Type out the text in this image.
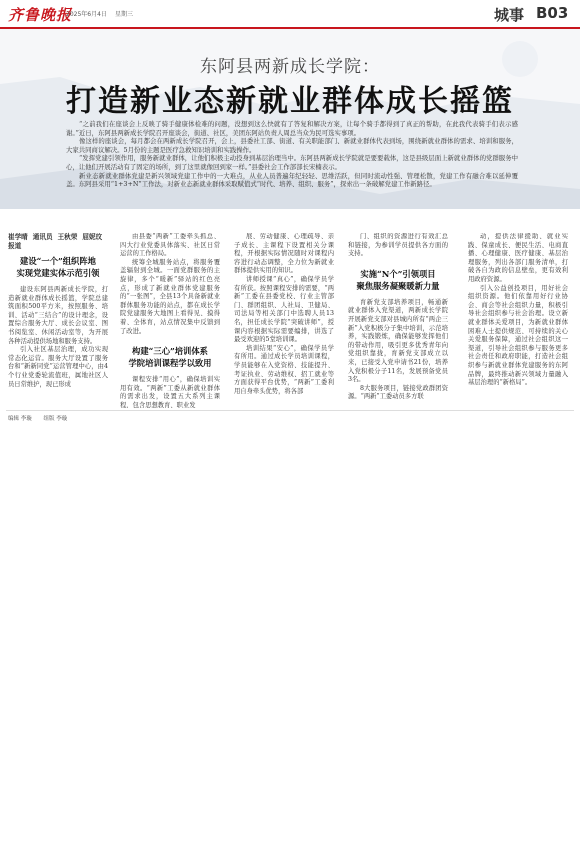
齐鲁晚报
2025年6月4日 星期三	城事 B03
东阿县两新成长学院：
打造新业态新就业群体成长摇篮

“之前我们在座谈会上反映了骑手健康体检难的问题，没想到这么快就有了答复和解决方案，让每个骑手都得到了真正的帮助，在此我代表骑手们表示感谢。”近日，东阿县两新成长学院召开座谈会，街道、社区，美团东阿站负责人周总当众为民可选实事项。

像这样的座谈会，每月都会在两新成长学院召开，会上，县委社工部、街道、有关职能部门、新就业群体代表到场，围绕新就业群体的需求、培训和服务，大家共同商议解决。5月份的主题是医疗急救知识培训和实践操作。

“发挥党建引领作用，服务新就业群体，让他们积极主动投身到基层治理当中。东阿县两新成长学院就是要要载体，这是县级层面上新就业群体的党群服务中心，让他们开展活动有了固定的场所，到了这里就像回到家一样。”县委社会工作部部长宋楠表示。

新业态新就业群体党建是新兴领域党建工作中的一大难点，从业人员普遍年纪轻轻、思维活跃，但同时流动性强、管理松散，党建工作有融合难以延伸覆盖。东阿县采用“1+3+N”工作法，对新业态新就业群体采取赋值式“时代、培养、组织、服务”，探索出一条破解党建工作新路径。

崔学晴 通讯员 王秋荣 屈妮玟报道
建设“一个”组织阵地
实现党建实体示范引领

建设东阿县两新成长学院，打造新就业群体成长摇篮，学院总建筑面积500平方米，按照服务、培训、活动“三结合”的设计理念，设置综合服务大厅、成长会议室、图书阅览室、休闲活动室等，为开展各种活动提供场地和服务支持。

引入社区基层治理，成功实现常态化运营。服务大厅设置了服务台和“新新同党”运营管理中心，由4个行业党委轮流值班，属地社区人员日常维护，现已形成

由县委“两新”工委牵头抓总、四大行业党委具体落实、社区日常运营的工作格局。

统筹全城服务站点，将服务覆盖辐射到全城。一面党群服务的主旋律，多个“暖新”驿站的红色亮点，形成了新就业群体党建服务的“一张图”，全县13个具备新就业群体服务功能的站点，都在成长学院党建服务大地图上看得见、摸得着、全体育，站点情况集中反馈到了改进。

构建“三心”培训体系
学院培训课程学以致用

课程安排“用心”，确保培训实用有效。“两新”工委从新就业群体的需求出发，设置五大系列主课程，包含思想教育、职业发

展、劳动健康、心理疏导、亲子成长、主课程下设置相关分课程，开根据实际情况随时对课程内容进行动态调整，全力位为新就业群体提供实用的知识。

讲师授课“真心”，确保学员学有所获。按照课程安排的需要，“两新”工委在县委党校、行业主管部门、群团组织、人社局、卫健局、司法局等相关部门中选聘人员13名，担任成长学院“突破讲师”，授课内容根据实际需要编排，讲选了最受欢迎的5堂培训课。

培训结果“安心”，确保学员学有所用。通过成长学员培训课程，学员能够在入党资格、技能提升、考证执业、劳动维权、招工就业等方面获得平台优势，“两新”工委利用自身牵头优势，将各部

门、组织的资源进行有效汇总和链接，为参训学员提供各方面的支持。

实施“N个”引领项目
聚焦服务凝聚暖新力量

育新党支部培养项目，畅通新就业群体入党渠道，两新成长学院开展新党支部对县城内所有“两企三新”入党积极分子集中培训，示范培养，实践锻炼，确保能够发挥他们的带动作用，吸引更多优秀青年向党组织靠拢，育新党支部成立以来，已接受入党申请书21份，培养入党积极分子11名，发展预备党员3名。

8大服务项目，链接党政群团资源。“两新”工委动员多方联

动，提供法律援助、就业实践、保童成长、便民生活、电商直播、心理健康、医疗健康、基层治理服务，列出各部门服务清单，打破各自为政的信息壁垒，更有效利用政府资源。

引入公益创投项目，用好社会组织资源。他们依靠用好行业协会、商会等社会组织力量，积极引导社会组织参与社会治理。设立新就业群体关爱项目，为新就业群体困难人士提供规范、可持续的关心关爱服务保障，通过社会组织这一渠道，引导社会组织参与服务更多社会责任和政府职能，打造社会组织参与新就业群体党建服务的东阿品牌，最终推动新兴领域力量融入基层治理的“新格局”。

编辑 李璇 组版 李璇
